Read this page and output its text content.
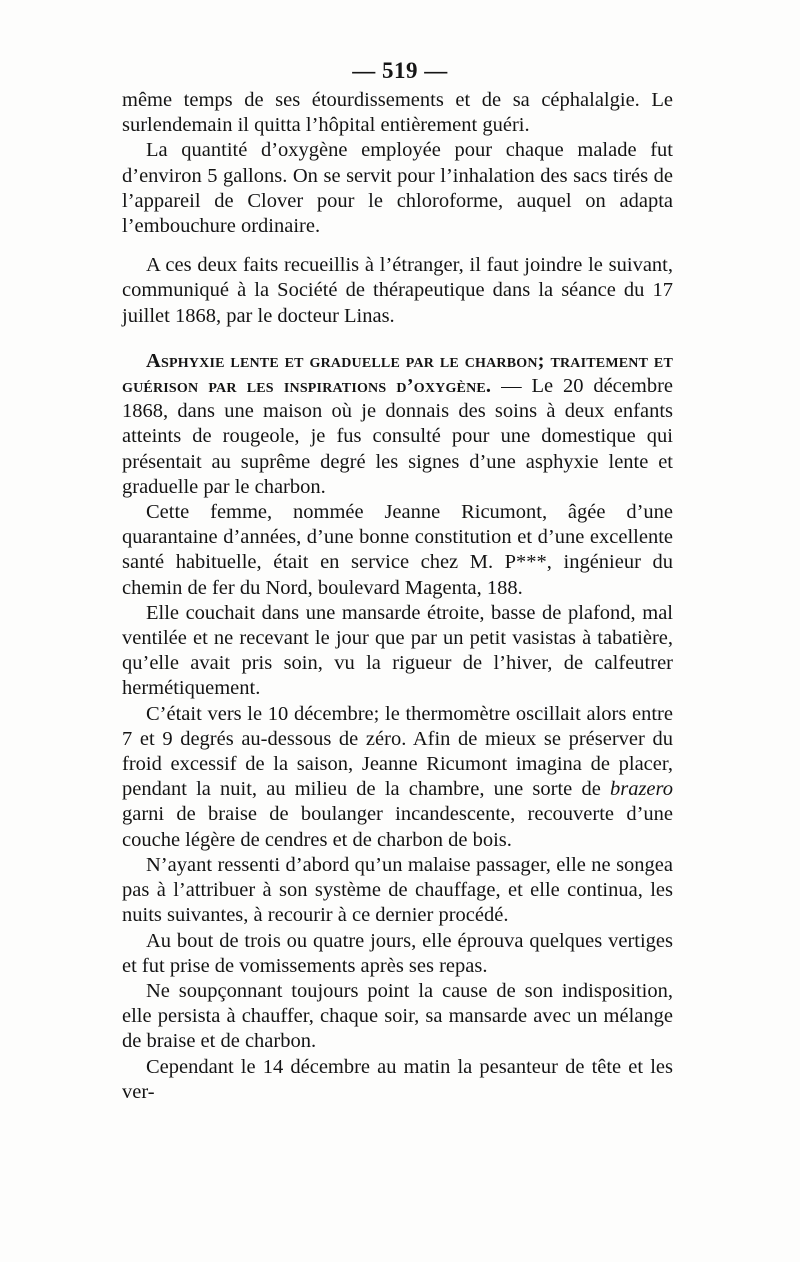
— 519 —

même temps de ses étourdissements et de sa céphalalgie. Le surlendemain il quitta l’hôpital entièrement guéri.

La quantité d’oxygène employée pour chaque malade fut d’environ 5 gallons. On se servit pour l’inhalation des sacs tirés de l’appareil de Clover pour le chloroforme, auquel on adapta l’embouchure ordinaire.

A ces deux faits recueillis à l’étranger, il faut joindre le suivant, communiqué à la Société de thérapeutique dans la séance du 17 juillet 1868, par le docteur Linas.

Asphyxie lente et graduelle par le charbon; traitement et guérison par les inspirations d’oxygène. — Le 20 décembre 1868, dans une maison où je donnais des soins à deux enfants atteints de rougeole, je fus consulté pour une domestique qui présentait au suprême degré les signes d’une asphyxie lente et graduelle par le charbon.

Cette femme, nommée Jeanne Ricumont, âgée d’une quarantaine d’années, d’une bonne constitution et d’une excellente santé habituelle, était en service chez M. P***, ingénieur du chemin de fer du Nord, boulevard Magenta, 188.

Elle couchait dans une mansarde étroite, basse de plafond, mal ventilée et ne recevant le jour que par un petit vasistas à tabatière, qu’elle avait pris soin, vu la rigueur de l’hiver, de calfeutrer hermétiquement.

C’était vers le 10 décembre; le thermomètre oscillait alors entre 7 et 9 degrés au-dessous de zéro. Afin de mieux se préserver du froid excessif de la saison, Jeanne Ricumont imagina de placer, pendant la nuit, au milieu de la chambre, une sorte de brazero garni de braise de boulanger incandescente, recouverte d’une couche légère de cendres et de charbon de bois.

N’ayant ressenti d’abord qu’un malaise passager, elle ne songea pas à l’attribuer à son système de chauffage, et elle continua, les nuits suivantes, à recourir à ce dernier procédé.

Au bout de trois ou quatre jours, elle éprouva quelques vertiges et fut prise de vomissements après ses repas.

Ne soupçonnant toujours point la cause de son indisposition, elle persista à chauffer, chaque soir, sa mansarde avec un mélange de braise et de charbon.

Cependant le 14 décembre au matin la pesanteur de tête et les ver-
